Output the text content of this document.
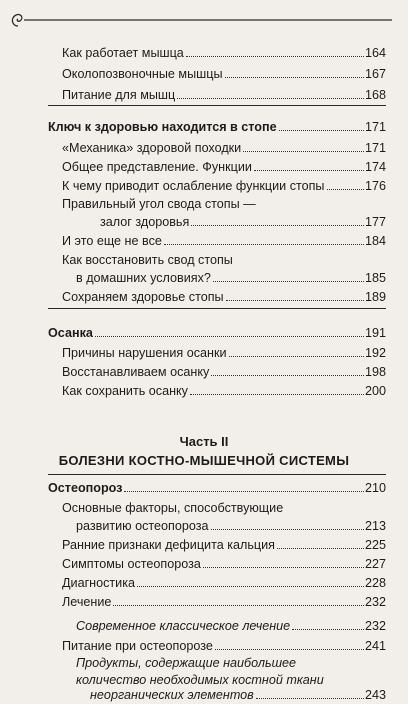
Как работает мышца	164
Околопозвоночные мышцы	167
Питание для мышц	168
Ключ к здоровью находится в стопе	171
«Механика» здоровой походки	171
Общее представление. Функции	174
К чему приводит ослабление функции стопы	176
Правильный угол свода стопы —
залог здоровья	177
И это еще не все	184
Как восстановить свод стопы
в домашних условиях?	185
Сохраняем здоровье стопы	189
Осанка	191
Причины нарушения осанки	192
Восстанавливаем осанку	198
Как сохранить осанку	200
Часть II
БОЛЕЗНИ КОСТНО-МЫШЕЧНОЙ СИСТЕМЫ
Остеопороз	210
Основные факторы, способствующие
развитию остеопороза	213
Ранние признаки дефицита кальция	225
Симптомы остеопороза	227
Диагностика	228
Лечение	232
Современное классическое лечение	232
Питание при остеопорозе	241
Продукты, содержащие наибольшее
количество необходимых костной ткани
неорганических элементов	243
